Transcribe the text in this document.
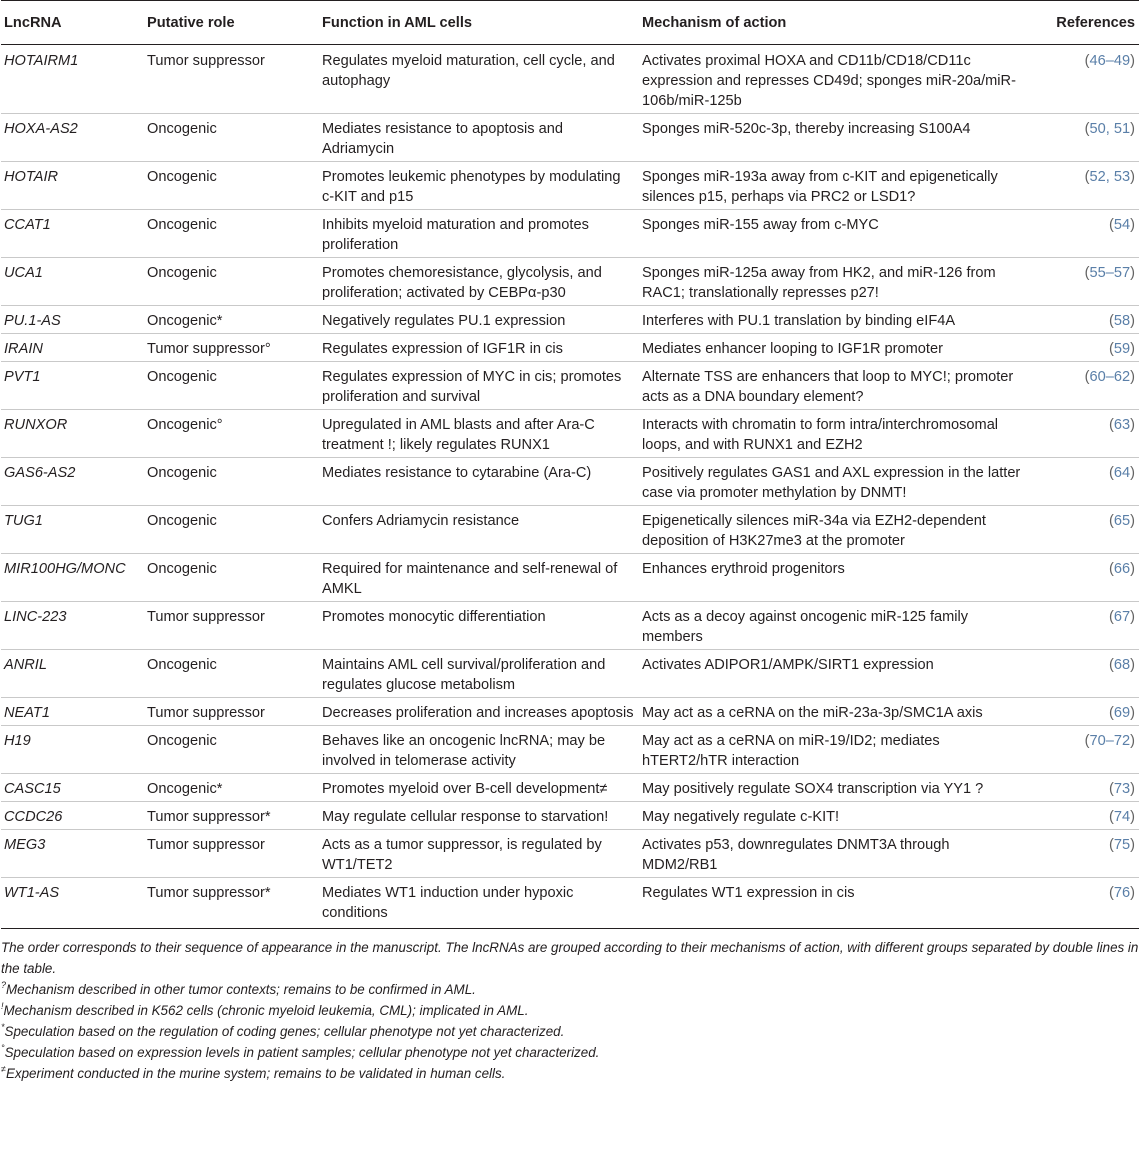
LncRNA	Putative role	Function in AML cells	Mechanism of action	References
HOTAIRM1	Tumor suppressor	Regulates myeloid maturation, cell cycle, and autophagy	Activates proximal HOXA and CD11b/CD18/CD11c expression and represses CD49d; sponges miR-20a/miR-106b/miR-125b	(46–49)
HOXA-AS2	Oncogenic	Mediates resistance to apoptosis and Adriamycin	Sponges miR-520c-3p, thereby increasing S100A4	(50, 51)
HOTAIR	Oncogenic	Promotes leukemic phenotypes by modulating c-KIT and p15	Sponges miR-193a away from c-KIT and epigenetically silences p15, perhaps via PRC2 or LSD1?	(52, 53)
CCAT1	Oncogenic	Inhibits myeloid maturation and promotes proliferation	Sponges miR-155 away from c-MYC	(54)
UCA1	Oncogenic	Promotes chemoresistance, glycolysis, and proliferation; activated by CEBPα-p30	Sponges miR-125a away from HK2, and miR-126 from RAC1; translationally represses p27!	(55–57)
PU.1-AS	Oncogenic*	Negatively regulates PU.1 expression	Interferes with PU.1 translation by binding eIF4A	(58)
IRAIN	Tumor suppressor°	Regulates expression of IGF1R in cis	Mediates enhancer looping to IGF1R promoter	(59)
PVT1	Oncogenic	Regulates expression of MYC in cis; promotes proliferation and survival	Alternate TSS are enhancers that loop to MYC!; promoter acts as a DNA boundary element?	(60–62)
RUNXOR	Oncogenic°	Upregulated in AML blasts and after Ara-C treatment !; likely regulates RUNX1	Interacts with chromatin to form intra/interchromosomal loops, and with RUNX1 and EZH2	(63)
GAS6-AS2	Oncogenic	Mediates resistance to cytarabine (Ara-C)	Positively regulates GAS1 and AXL expression in the latter case via promoter methylation by DNMT!	(64)
TUG1	Oncogenic	Confers Adriamycin resistance	Epigenetically silences miR-34a via EZH2-dependent deposition of H3K27me3 at the promoter	(65)
MIR100HG/MONC	Oncogenic	Required for maintenance and self-renewal of AMKL	Enhances erythroid progenitors	(66)
LINC-223	Tumor suppressor	Promotes monocytic differentiation	Acts as a decoy against oncogenic miR-125 family members	(67)
ANRIL	Oncogenic	Maintains AML cell survival/proliferation and regulates glucose metabolism	Activates ADIPOR1/AMPK/SIRT1 expression	(68)
NEAT1	Tumor suppressor	Decreases proliferation and increases apoptosis	May act as a ceRNA on the miR-23a-3p/SMC1A axis	(69)
H19	Oncogenic	Behaves like an oncogenic lncRNA; may be involved in telomerase activity	May act as a ceRNA on miR-19/ID2; mediates hTERT2/hTR interaction	(70–72)
CASC15	Oncogenic*	Promotes myeloid over B-cell development≠	May positively regulate SOX4 transcription via YY1 ?	(73)
CCDC26	Tumor suppressor*	May regulate cellular response to starvation!	May negatively regulate c-KIT!	(74)
MEG3	Tumor suppressor	Acts as a tumor suppressor, is regulated by WT1/TET2	Activates p53, downregulates DNMT3A through MDM2/RB1	(75)
WT1-AS	Tumor suppressor*	Mediates WT1 induction under hypoxic conditions	Regulates WT1 expression in cis	(76)

The order corresponds to their sequence of appearance in the manuscript. The lncRNAs are grouped according to their mechanisms of action, with different groups separated by double lines in the table.

?Mechanism described in other tumor contexts; remains to be confirmed in AML.

!Mechanism described in K562 cells (chronic myeloid leukemia, CML); implicated in AML.

*Speculation based on the regulation of coding genes; cellular phenotype not yet characterized.

°Speculation based on expression levels in patient samples; cellular phenotype not yet characterized.

≠Experiment conducted in the murine system; remains to be validated in human cells.
